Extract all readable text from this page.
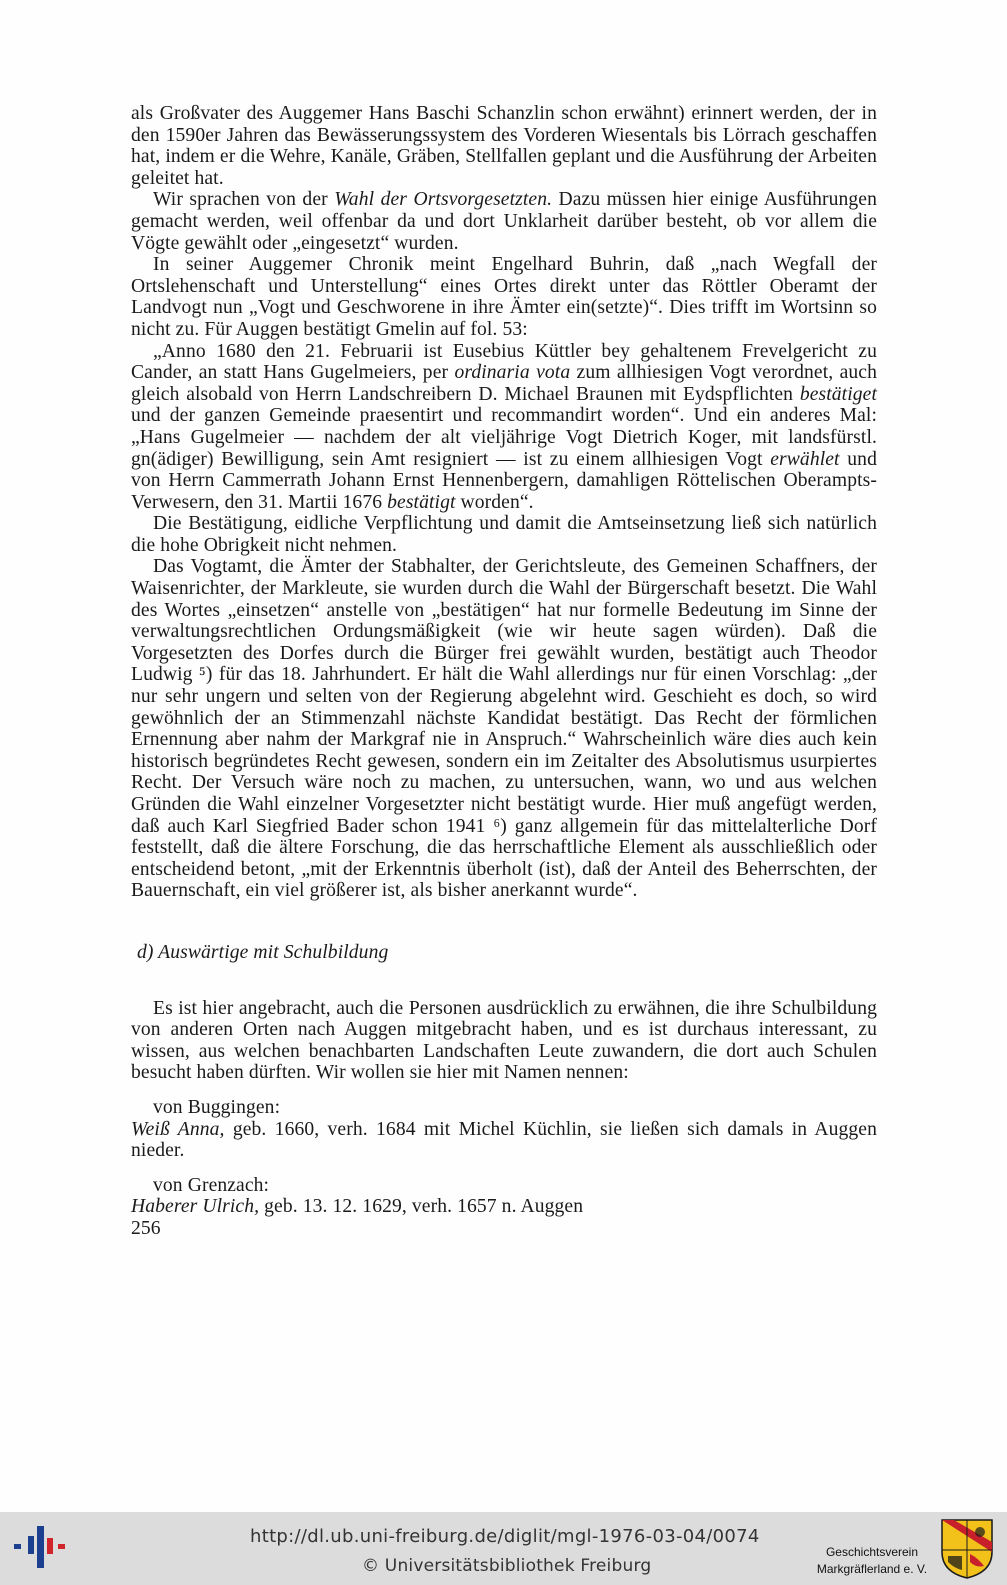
als Großvater des Auggemer Hans Baschi Schanzlin schon erwähnt) erinnert werden, der in den 1590er Jahren das Bewässerungssystem des Vorderen Wiesentals bis Lörrach geschaffen hat, indem er die Wehre, Kanäle, Gräben, Stellfallen geplant und die Ausführung der Arbeiten geleitet hat.

Wir sprachen von der Wahl der Ortsvorgesetzten. Dazu müssen hier einige Ausführungen gemacht werden, weil offenbar da und dort Unklarheit darüber besteht, ob vor allem die Vögte gewählt oder „eingesetzt“ wurden.

In seiner Auggemer Chronik meint Engelhard Buhrin, daß „nach Wegfall der Ortslehenschaft und Unterstellung“ eines Ortes direkt unter das Röttler Oberamt der Landvogt nun „Vogt und Geschworene in ihre Ämter ein(setzte)“. Dies trifft im Wortsinn so nicht zu. Für Auggen bestätigt Gmelin auf fol. 53:

„Anno 1680 den 21. Februarii ist Eusebius Küttler bey gehaltenem Frevelgericht zu Cander, an statt Hans Gugelmeiers, per ordinaria vota zum allhiesigen Vogt verordnet, auch gleich alsobald von Herrn Landschreibern D. Michael Braunen mit Eydspflichten bestätiget und der ganzen Gemeinde praesentirt und recommandirt worden“. Und ein anderes Mal: „Hans Gugelmeier — nachdem der alt vieljährige Vogt Dietrich Koger, mit landsfürstl. gn(ädiger) Bewilligung, sein Amt resigniert — ist zu einem allhiesigen Vogt erwählet und von Herrn Cammerrath Johann Ernst Hennenbergern, damahligen Röttelischen Oberampts-Verwesern, den 31. Martii 1676 bestätigt worden“.

Die Bestätigung, eidliche Verpflichtung und damit die Amtseinsetzung ließ sich natürlich die hohe Obrigkeit nicht nehmen.

Das Vogtamt, die Ämter der Stabhalter, der Gerichtsleute, des Gemeinen Schaffners, der Waisenrichter, der Markleute, sie wurden durch die Wahl der Bürgerschaft besetzt. Die Wahl des Wortes „einsetzen“ anstelle von „bestätigen“ hat nur formelle Bedeutung im Sinne der verwaltungsrechtlichen Ordungsmäßigkeit (wie wir heute sagen würden). Daß die Vorgesetzten des Dorfes durch die Bürger frei gewählt wurden, bestätigt auch Theodor Ludwig ⁵) für das 18. Jahrhundert. Er hält die Wahl allerdings nur für einen Vorschlag: „der nur sehr ungern und selten von der Regierung abgelehnt wird. Geschieht es doch, so wird gewöhnlich der an Stimmenzahl nächste Kandidat bestätigt. Das Recht der förmlichen Ernennung aber nahm der Markgraf nie in Anspruch.“ Wahrscheinlich wäre dies auch kein historisch begründetes Recht gewesen, sondern ein im Zeitalter des Absolutismus usurpiertes Recht. Der Versuch wäre noch zu machen, zu untersuchen, wann, wo und aus welchen Gründen die Wahl einzelner Vorgesetzter nicht bestätigt wurde. Hier muß angefügt werden, daß auch Karl Siegfried Bader schon 1941 ⁶) ganz allgemein für das mittelalterliche Dorf feststellt, daß die ältere Forschung, die das herrschaftliche Element als ausschließlich oder entscheidend betont, „mit der Erkenntnis überholt (ist), daß der Anteil des Beherrschten, der Bauernschaft, ein viel größerer ist, als bisher anerkannt wurde“.

d) Auswärtige mit Schulbildung

Es ist hier angebracht, auch die Personen ausdrücklich zu erwähnen, die ihre Schulbildung von anderen Orten nach Auggen mitgebracht haben, und es ist durchaus interessant, zu wissen, aus welchen benachbarten Landschaften Leute zuwandern, die dort auch Schulen besucht haben dürften. Wir wollen sie hier mit Namen nennen:

von Buggingen:

Weiß Anna, geb. 1660, verh. 1684 mit Michel Küchlin, sie ließen sich damals in Auggen nieder.

von Grenzach:

Haberer Ulrich, geb. 13. 12. 1629, verh. 1657 n. Auggen

256

http://dl.ub.uni-freiburg.de/diglit/mgl-1976-03-04/0074
© Universitätsbibliothek Freiburg
Geschichtsverein
Markgräflerland e. V.
